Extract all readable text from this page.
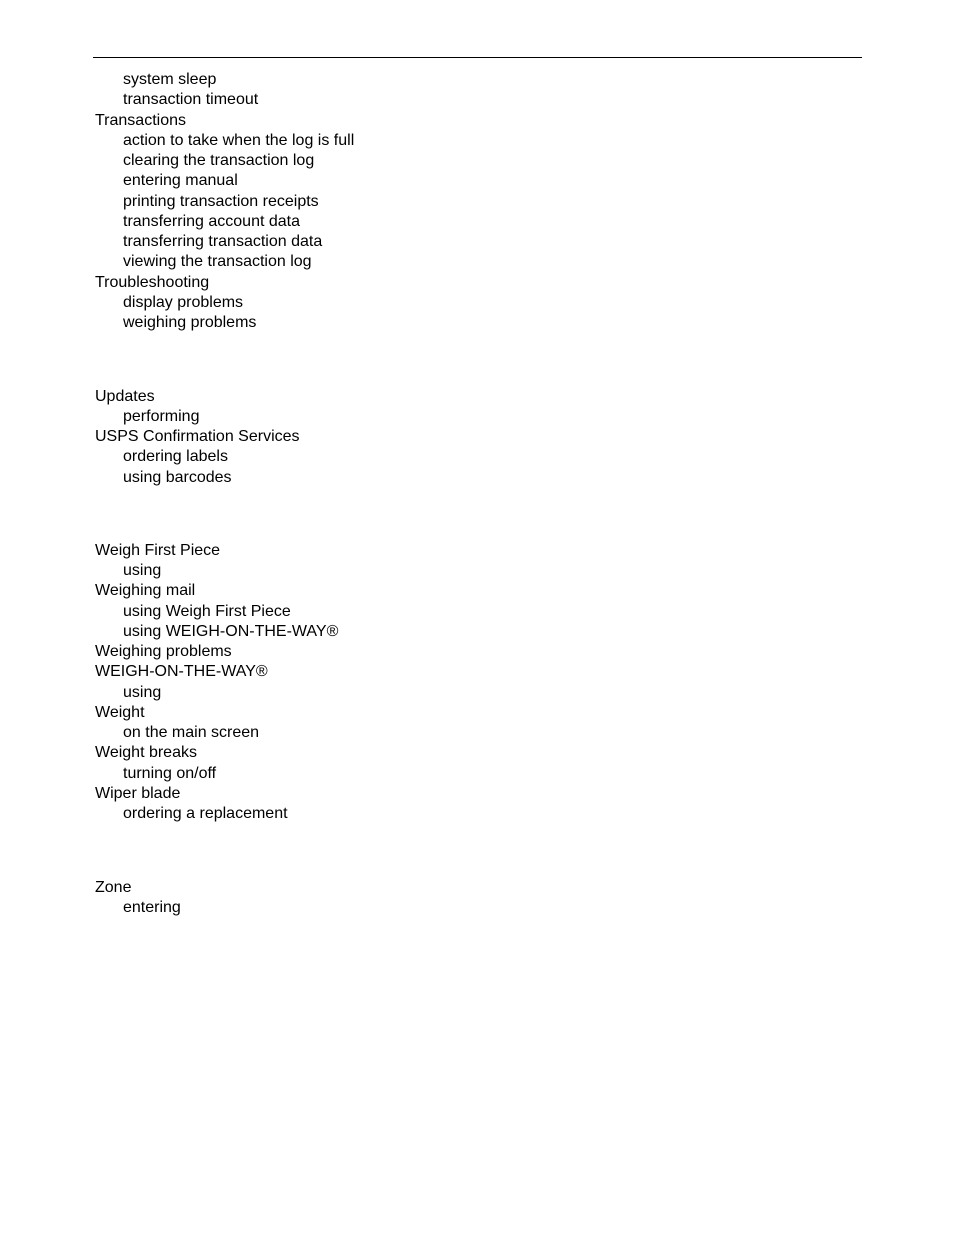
system sleep
transaction timeout
Transactions
action to take when the log is full
clearing the transaction log
entering manual
printing transaction receipts
transferring account data
transferring transaction data
viewing the transaction log
Troubleshooting
display problems
weighing problems
Updates
performing
USPS Confirmation Services
ordering labels
using barcodes
Weigh First Piece
using
Weighing mail
using Weigh First Piece
using WEIGH-ON-THE-WAY®
Weighing problems
WEIGH-ON-THE-WAY®
using
Weight
on the main screen
Weight breaks
turning on/off
Wiper blade
ordering a replacement
Zone
entering
